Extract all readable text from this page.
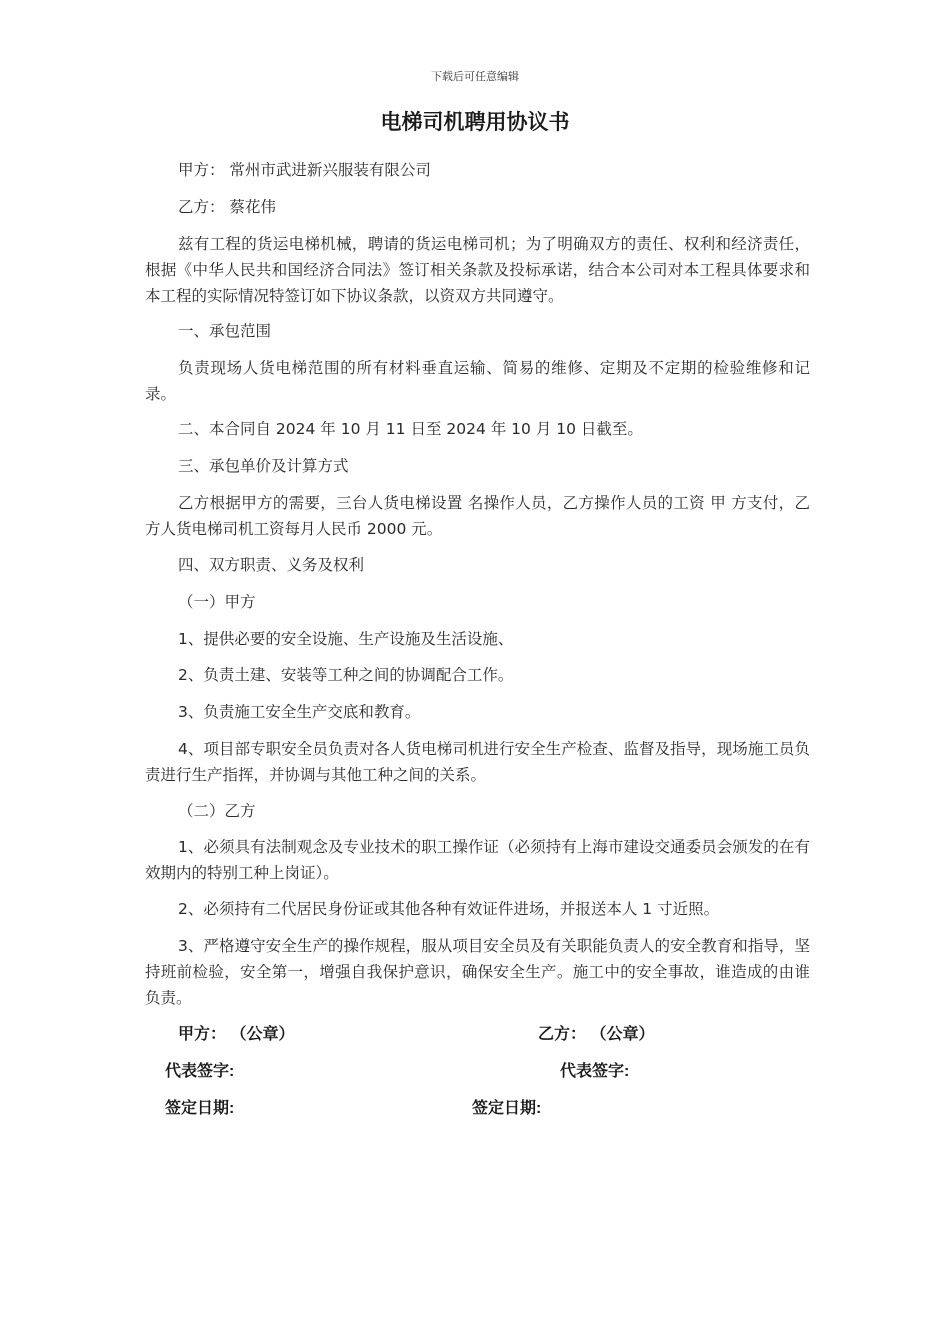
下载后可任意编辑
电梯司机聘用协议书
甲方： 常州市武进新兴服装有限公司
乙方： 蔡花伟
兹有工程的货运电梯机械，聘请的货运电梯司机；为了明确双方的责任、权利和经济责任，根据《中华人民共和国经济合同法》签订相关条款及投标承诺，结合本公司对本工程具体要求和本工程的实际情况特签订如下协议条款，以资双方共同遵守。
一、承包范围
负责现场人货电梯范围的所有材料垂直运输、简易的维修、定期及不定期的检验维修和记录。
二、本合同自 2024 年 10 月 11 日至 2024 年 10 月 10 日截至。
三、承包单价及计算方式
乙方根据甲方的需要，三台人货电梯设置 名操作人员，乙方操作人员的工资 甲 方支付，乙方人货电梯司机工资每月人民币 2000 元。
四、双方职责、义务及权利
（一）甲方
1、提供必要的安全设施、生产设施及生活设施、
2、负责土建、安装等工种之间的协调配合工作。
3、负责施工安全生产交底和教育。
4、项目部专职安全员负责对各人货电梯司机进行安全生产检查、监督及指导，现场施工员负责进行生产指挥，并协调与其他工种之间的关系。
（二）乙方
1、必须具有法制观念及专业技术的职工操作证（必须持有上海市建设交通委员会颁发的在有效期内的特别工种上岗证）。
2、必须持有二代居民身份证或其他各种有效证件进场，并报送本人 1 寸近照。
3、严格遵守安全生产的操作规程，服从项目安全员及有关职能负责人的安全教育和指导，坚持班前检验，安全第一，增强自我保护意识，确保安全生产。施工中的安全事故，谁造成的由谁负责。
甲方： （公章）	乙方： （公章）
代表签字:	代表签字:
签定日期:	签定日期:
